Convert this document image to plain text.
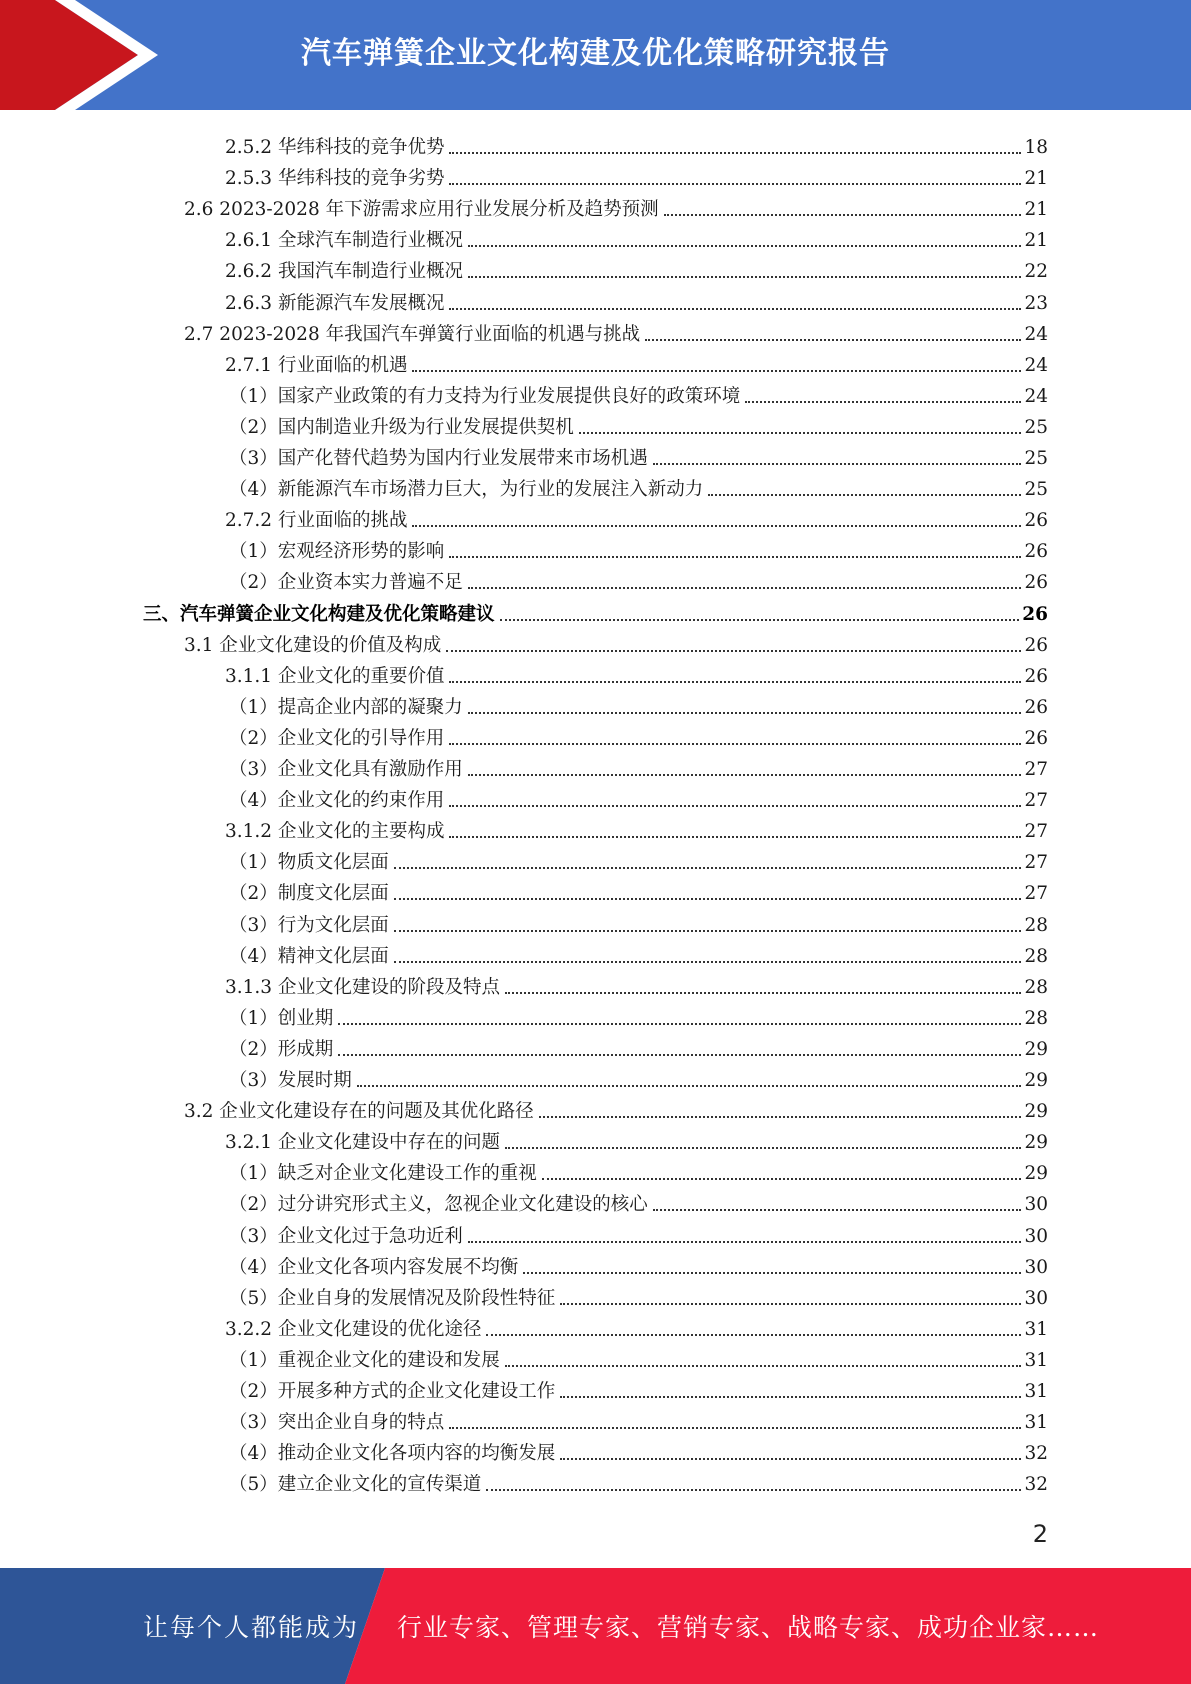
汽车弹簧企业文化构建及优化策略研究报告
2.5.2 华纬科技的竞争优势	18
2.5.3 华纬科技的竞争劣势	21
2.6 2023-2028 年下游需求应用行业发展分析及趋势预测	21
2.6.1 全球汽车制造行业概况	21
2.6.2 我国汽车制造行业概况	22
2.6.3 新能源汽车发展概况	23
2.7 2023-2028 年我国汽车弹簧行业面临的机遇与挑战	24
2.7.1 行业面临的机遇	24
（1）国家产业政策的有力支持为行业发展提供良好的政策环境	24
（2）国内制造业升级为行业发展提供契机	25
（3）国产化替代趋势为国内行业发展带来市场机遇	25
（4）新能源汽车市场潜力巨大，为行业的发展注入新动力	25
2.7.2 行业面临的挑战	26
（1）宏观经济形势的影响	26
（2）企业资本实力普遍不足	26
三、汽车弹簧企业文化构建及优化策略建议	26
3.1 企业文化建设的价值及构成	26
3.1.1 企业文化的重要价值	26
（1）提高企业内部的凝聚力	26
（2）企业文化的引导作用	26
（3）企业文化具有激励作用	27
（4）企业文化的约束作用	27
3.1.2 企业文化的主要构成	27
（1）物质文化层面	27
（2）制度文化层面	27
（3）行为文化层面	28
（4）精神文化层面	28
3.1.3 企业文化建设的阶段及特点	28
（1）创业期	28
（2）形成期	29
（3）发展时期	29
3.2 企业文化建设存在的问题及其优化路径	29
3.2.1 企业文化建设中存在的问题	29
（1）缺乏对企业文化建设工作的重视	29
（2）过分讲究形式主义，忽视企业文化建设的核心	30
（3）企业文化过于急功近利	30
（4）企业文化各项内容发展不均衡	30
（5）企业自身的发展情况及阶段性特征	30
3.2.2 企业文化建设的优化途径	31
（1）重视企业文化的建设和发展	31
（2）开展多种方式的企业文化建设工作	31
（3）突出企业自身的特点	31
（4）推动企业文化各项内容的均衡发展	32
（5）建立企业文化的宣传渠道	32
2
让每个人都能成为 行业专家、管理专家、营销专家、战略专家、成功企业家……
